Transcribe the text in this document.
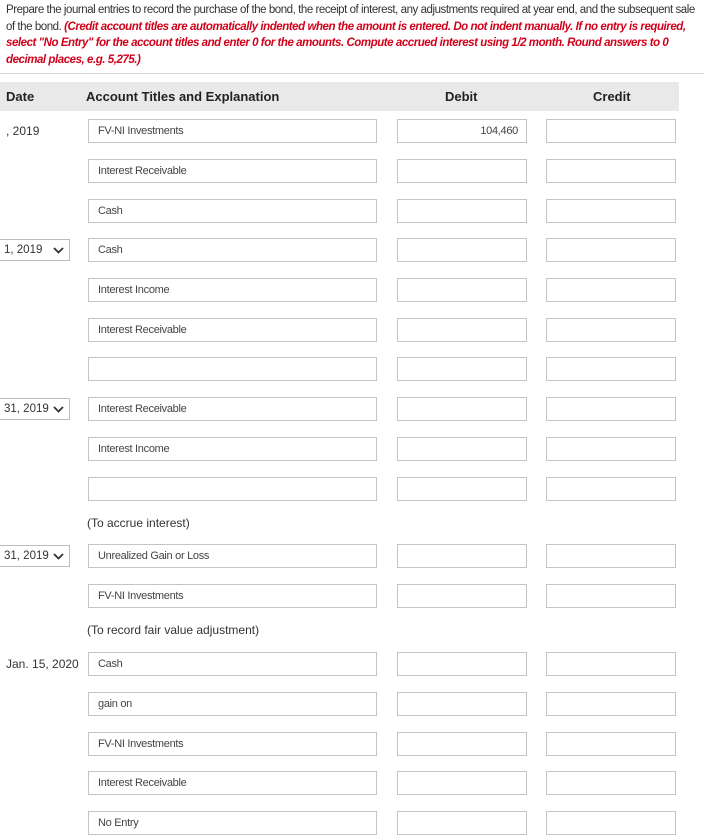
Prepare the journal entries to record the purchase of the bond, the receipt of interest, any adjustments required at year end, and the subsequent sale of the bond. (Credit account titles are automatically indented when the amount is entered. Do not indent manually. If no entry is required, select "No Entry" for the account titles and enter 0 for the amounts. Compute accrued interest using 1/2 month. Round answers to 0 decimal places, e.g. 5,275.)
Date	Account Titles and Explanation	Debit	Credit
, 2019	FV-NI Investments	104,460
Interest Receivable
Cash
1, 2019	Cash
Interest Income
Interest Receivable
31, 2019	Interest Receivable
Interest Income
(To accrue interest)
31, 2019	Unrealized Gain or Loss
FV-NI Investments
(To record fair value adjustment)
Jan. 15, 2020 Cash
gain on
FV-NI Investments
Interest Receivable
No Entry
